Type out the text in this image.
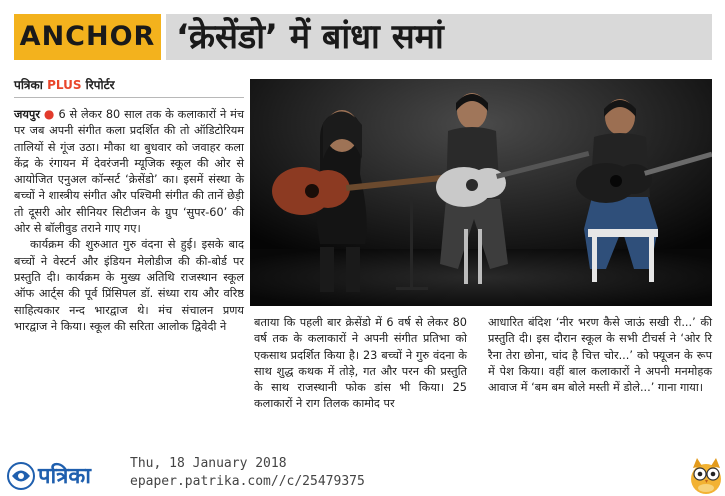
ANCHOR ‘क्रेसेंडो’ में बांधा समां
पत्रिका PLUS रिपोर्टर

जयपुर ● 6 से लेकर 80 साल तक के कलाकारों ने मंच पर जब अपनी संगीत कला प्रदर्शित की तो ऑडिटोरियम तालियों से गूंज उठा। मौका था बुधवार को जवाहर कला केंद्र के रंगायन में देवरंजनी म्यूजिक स्कूल की ओर से आयोजित एनुअल कॉन्सर्ट ‘क्रेसेंडो’ का। इसमें संस्था के बच्चों ने शास्त्रीय संगीत और पश्चिमी संगीत की तानें छेड़ी तो दूसरी ओर सीनियर सिटीजन के ग्रुप ‘सुपर-60’ की ओर से बॉलीवुड तराने गाए गए।

कार्यक्रम की शुरुआत गुरु वंदना से हुई। इसके बाद बच्चों ने वेस्टर्न और इंडियन मेलोडीज की की-बोर्ड पर प्रस्तुति दी। कार्यक्रम के मुख्य अतिथि राजस्थान स्कूल ऑफ आर्ट्स की पूर्व प्रिंसिपल डॉ. संध्या राय और वरिष्ठ साहित्यकार नन्द भारद्वाज थे। मंच संचालन प्रणय भारद्वाज ने किया। स्कूल की सरिता आलोक द्विवेदी ने	बताया कि पहली बार क्रेसेंडो में 6 वर्ष से लेकर 80 वर्ष तक के कलाकारों ने अपनी संगीत प्रतिभा को एकसाथ प्रदर्शित किया है। 23 बच्चों ने गुरु वंदना के साथ शुद्ध कथक में तोड़े, गत और परन की प्रस्तुति के साथ राजस्थानी फोक डांस भी किया। 25 कलाकारों ने राग तिलक कामोद पर

आधारित बंदिश ‘नीर भरण कैसे जाऊं सखी री...’ की प्रस्तुति दी। इस दौरान स्कूल के सभी टीचर्स ने ‘ओर रि रैना तेरा छोना, चांद है चित्त चोर...’ को फ्यूजन के रूप में पेश किया। वहीं बाल कलाकारों ने अपनी मनमोहक आवाज में ‘बम बम बोले मस्ती में डोले...’ गाना गाया।

पत्रिका
Thu, 18 January 2018
epaper.patrika.com//c/25479375
